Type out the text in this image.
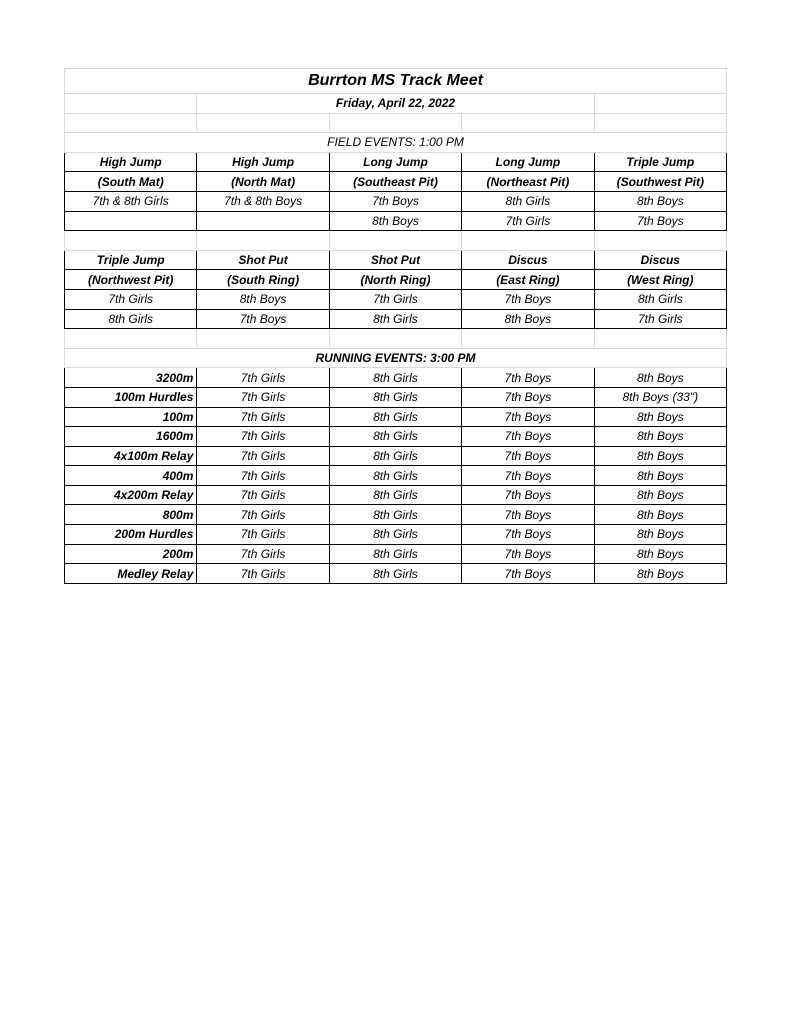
Burrton MS Track Meet				
	Friday, April 22, 2022			

FIELD EVENTS: 1:00 PM				
High Jump	High Jump	Long Jump	Long Jump	Triple Jump
(South Mat)	(North Mat)	(Southeast Pit)	(Northeast Pit)	(Southwest Pit)
7th & 8th Girls	7th & 8th Boys	7th Boys	8th Girls	8th Boys
		8th Boys	7th Girls	7th Boys

Triple Jump	Shot Put	Shot Put	Discus	Discus
(Northwest Pit)	(South Ring)	(North Ring)	(East Ring)	(West Ring)
7th Girls	8th Boys	7th Girls	7th Boys	8th Girls
8th Girls	7th Boys	8th Girls	8th Boys	7th Girls

RUNNING EVENTS: 3:00 PM				
3200m	7th Girls	8th Girls	7th Boys	8th Boys
100m Hurdles	7th Girls	8th Girls	7th Boys	8th Boys (33")
100m	7th Girls	8th Girls	7th Boys	8th Boys
1600m	7th Girls	8th Girls	7th Boys	8th Boys
4x100m Relay	7th Girls	8th Girls	7th Boys	8th Boys
400m	7th Girls	8th Girls	7th Boys	8th Boys
4x200m Relay	7th Girls	8th Girls	7th Boys	8th Boys
800m	7th Girls	8th Girls	7th Boys	8th Boys
200m Hurdles	7th Girls	8th Girls	7th Boys	8th Boys
200m	7th Girls	8th Girls	7th Boys	8th Boys
Medley Relay	7th Girls	8th Girls	7th Boys	8th Boys
